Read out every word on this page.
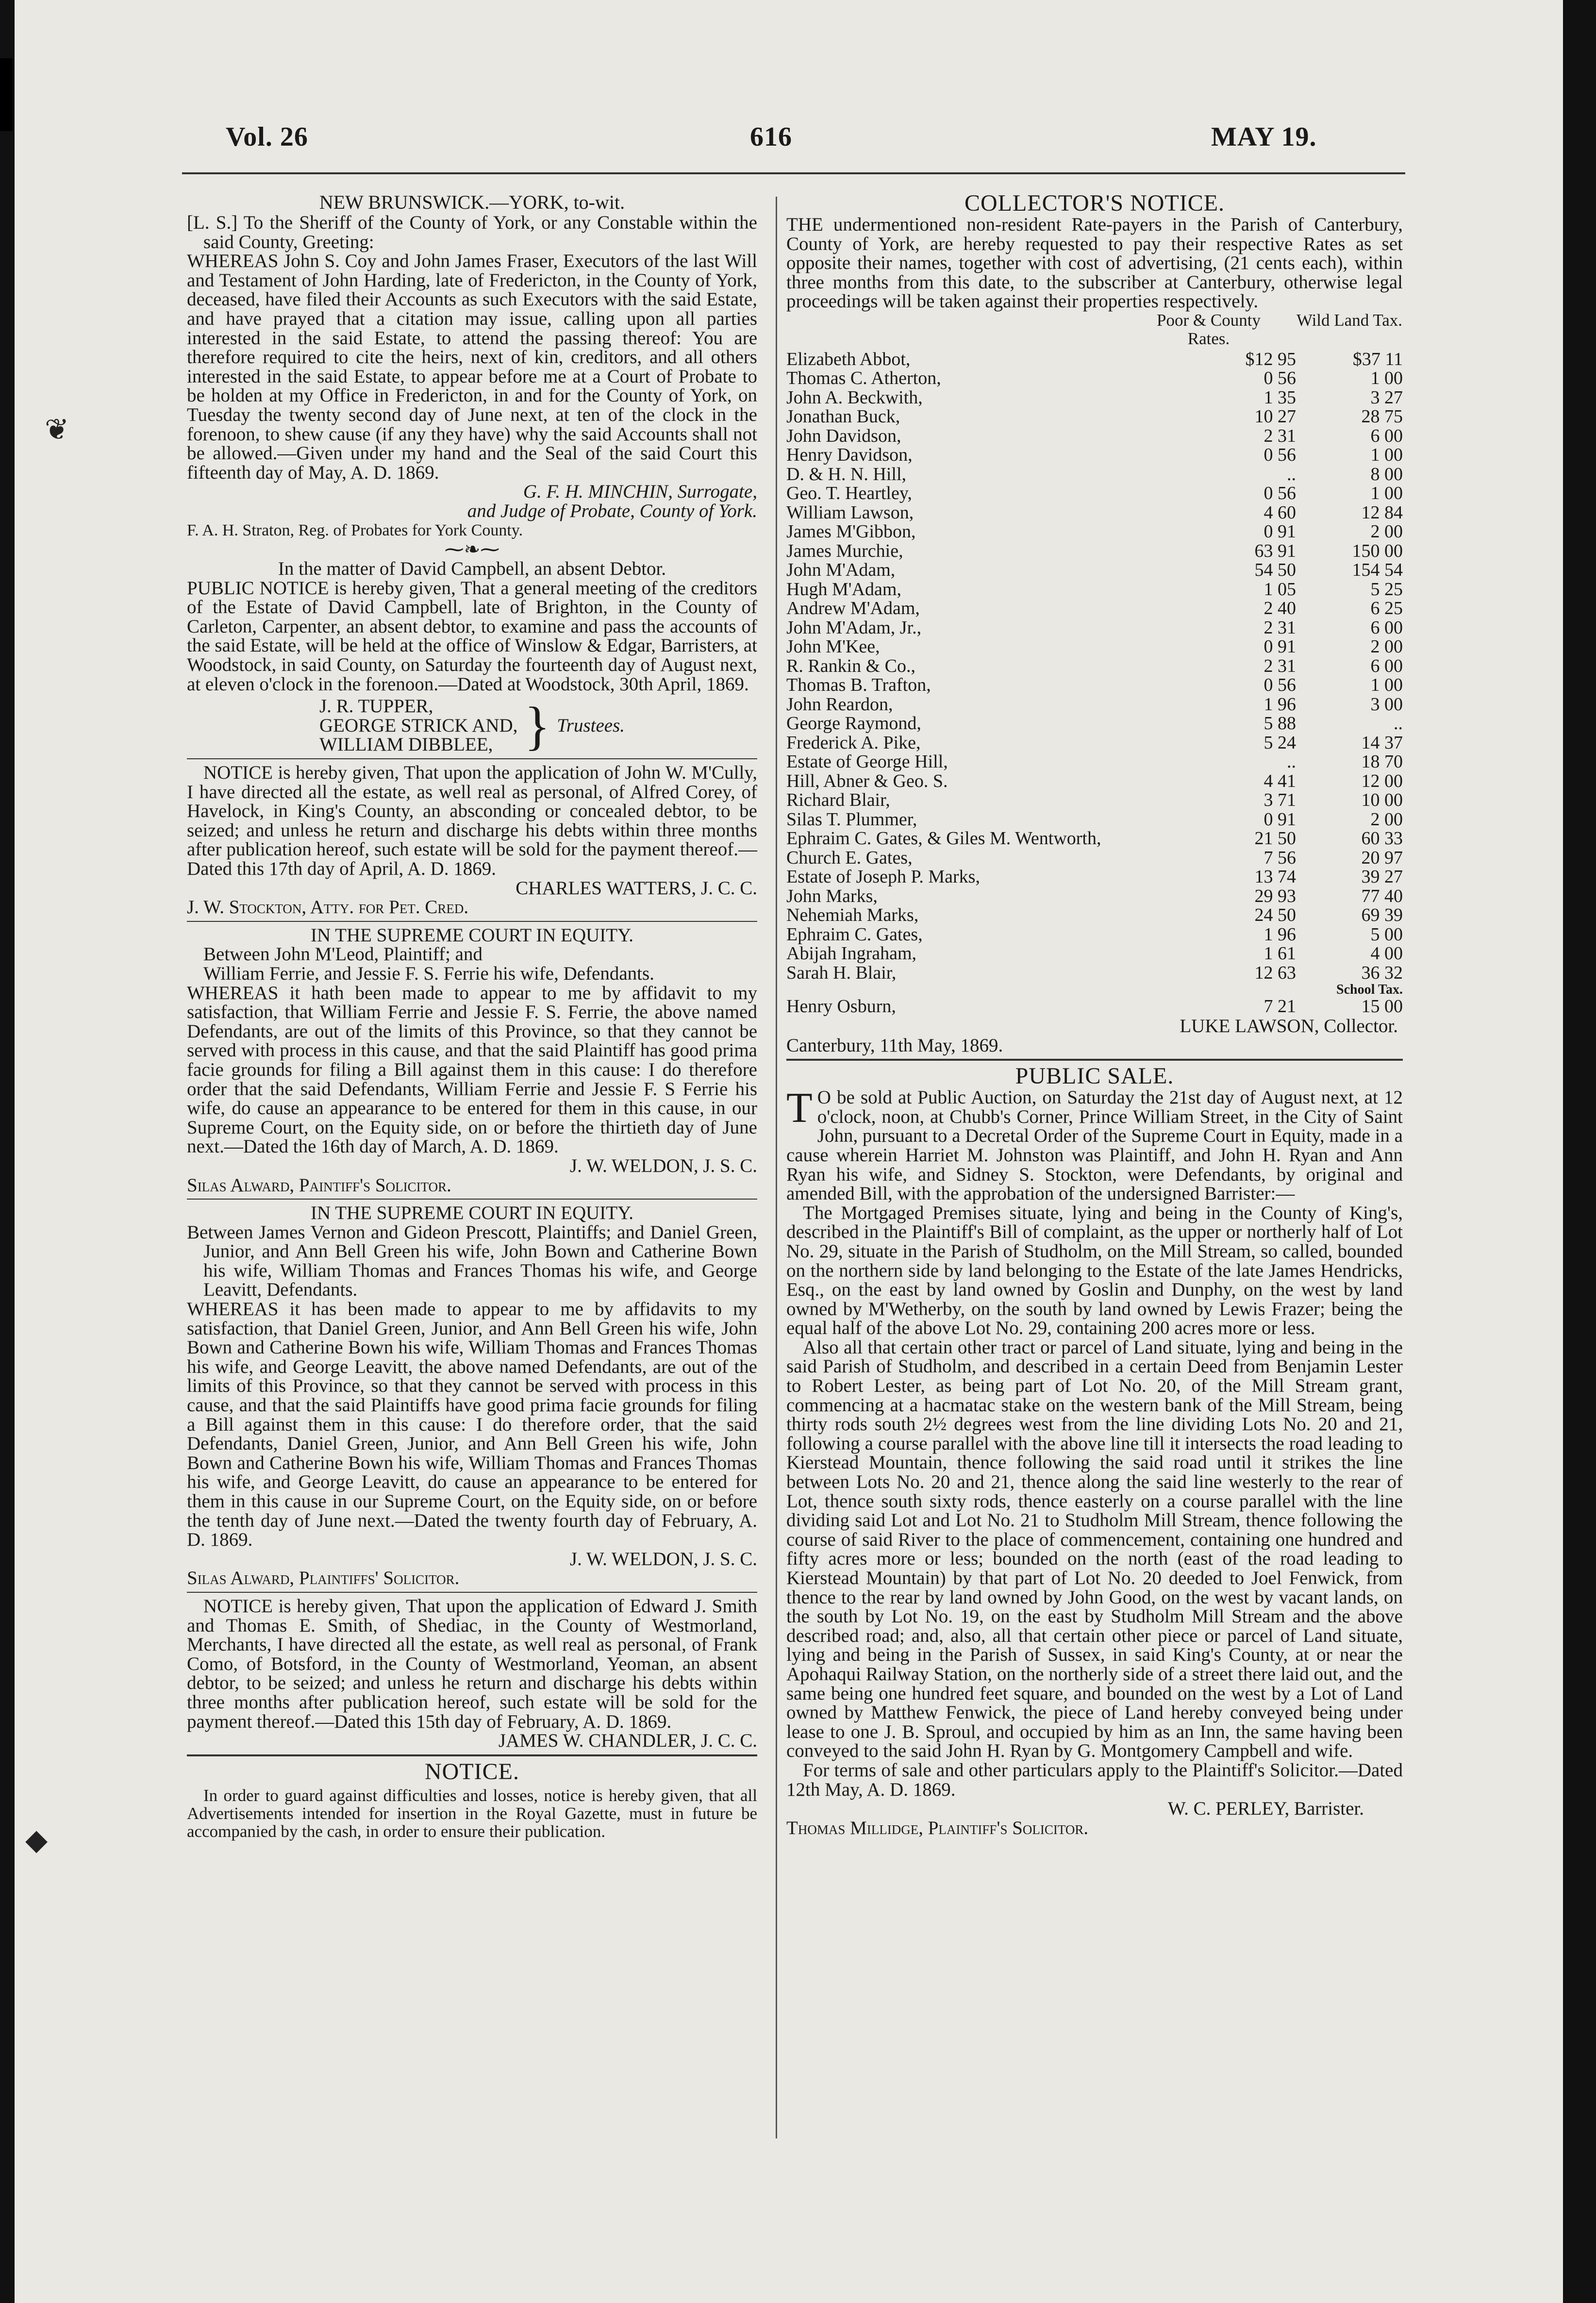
❦
◆
Vol. 26	616	MAY 19.
NEW BRUNSWICK.—YORK, to-wit.

[L. S.] To the Sheriff of the County of York, or any Constable within the said County, Greeting:

WHEREAS John S. Coy and John James Fraser, Executors of the last Will and Testament of John Harding, late of Fredericton, in the County of York, deceased, have filed their Accounts as such Executors with the said Estate, and have prayed that a citation may issue, calling upon all parties interested in the said Estate, to attend the passing thereof: You are therefore required to cite the heirs, next of kin, creditors, and all others interested in the said Estate, to appear before me at a Court of Probate to be holden at my Office in Fredericton, in and for the County of York, on Tuesday the twenty second day of June next, at ten of the clock in the forenoon, to shew cause (if any they have) why the said Accounts shall not be allowed.—Given under my hand and the Seal of the said Court this fifteenth day of May, A. D. 1869.

G. F. H. MINCHIN, Surrogate,

and Judge of Probate, County of York.

F. A. H. Straton, Reg. of Probates for York County.

⁓❧⁓

In the matter of David Campbell, an absent Debtor.

PUBLIC NOTICE is hereby given, That a general meeting of the creditors of the Estate of David Campbell, late of Brighton, in the County of Carleton, Carpenter, an absent debtor, to examine and pass the accounts of the said Estate, will be held at the office of Winslow & Edgar, Barristers, at Woodstock, in said County, on Saturday the fourteenth day of August next, at eleven o'clock in the forenoon.—Dated at Woodstock, 30th April, 1869.

J. R. TUPPER,
GEORGE STRICK AND,
WILLIAM DIBBLEE, } Trustees.

NOTICE is hereby given, That upon the application of John W. M'Cully, I have directed all the estate, as well real as personal, of Alfred Corey, of Havelock, in King's County, an absconding or concealed debtor, to be seized; and unless he return and discharge his debts within three months after publication hereof, such estate will be sold for the payment thereof.—Dated this 17th day of April, A. D. 1869.

CHARLES WATTERS, J. C. C.

J. W. Stockton, Atty. for Pet. Cred.

IN THE SUPREME COURT IN EQUITY.

Between John M'Leod, Plaintiff; and

William Ferrie, and Jessie F. S. Ferrie his wife, Defendants.

WHEREAS it hath been made to appear to me by affidavit to my satisfaction, that William Ferrie and Jessie F. S. Ferrie, the above named Defendants, are out of the limits of this Province, so that they cannot be served with process in this cause, and that the said Plaintiff has good prima facie grounds for filing a Bill against them in this cause: I do therefore order that the said Defendants, William Ferrie and Jessie F. S Ferrie his wife, do cause an appearance to be entered for them in this cause, in our Supreme Court, on the Equity side, on or before the thirtieth day of June next.—Dated the 16th day of March, A. D. 1869.

J. W. WELDON, J. S. C.

Silas Alward, Paintiff's Solicitor.

IN THE SUPREME COURT IN EQUITY.

Between James Vernon and Gideon Prescott, Plaintiffs; and Daniel Green, Junior, and Ann Bell Green his wife, John Bown and Catherine Bown his wife, William Thomas and Frances Thomas his wife, and George Leavitt, Defendants.

WHEREAS it has been made to appear to me by affidavits to my satisfaction, that Daniel Green, Junior, and Ann Bell Green his wife, John Bown and Catherine Bown his wife, William Thomas and Frances Thomas his wife, and George Leavitt, the above named Defendants, are out of the limits of this Province, so that they cannot be served with process in this cause, and that the said Plaintiffs have good prima facie grounds for filing a Bill against them in this cause: I do therefore order, that the said Defendants, Daniel Green, Junior, and Ann Bell Green his wife, John Bown and Catherine Bown his wife, William Thomas and Frances Thomas his wife, and George Leavitt, do cause an appearance to be entered for them in this cause in our Supreme Court, on the Equity side, on or before the tenth day of June next.—Dated the twenty fourth day of February, A. D. 1869.

J. W. WELDON, J. S. C.

Silas Alward, Plaintiffs' Solicitor.

NOTICE is hereby given, That upon the application of Edward J. Smith and Thomas E. Smith, of Shediac, in the County of Westmorland, Merchants, I have directed all the estate, as well real as personal, of Frank Como, of Botsford, in the County of Westmorland, Yeoman, an absent debtor, to be seized; and unless he return and discharge his debts within three months after publication hereof, such estate will be sold for the payment thereof.—Dated this 15th day of February, A. D. 1869.

JAMES W. CHANDLER, J. C. C.

NOTICE.

In order to guard against difficulties and losses, notice is hereby given, that all Advertisements intended for insertion in the Royal Gazette, must in future be accompanied by the cash, in order to ensure their publication.

COLLECTOR'S NOTICE.

THE undermentioned non-resident Rate-payers in the Parish of Canterbury, County of York, are hereby requested to pay their respective Rates as set opposite their names, together with cost of advertising, (21 cents each), within three months from this date, to the subscriber at Canterbury, otherwise legal proceedings will be taken against their properties respectively.

	Poor & County Rates.
Wild Land Tax.	

Elizabeth Abbot,	$12 95	$37 11
Thomas C. Atherton,	0 56	1 00
John A. Beckwith,	1 35	3 27
Jonathan Buck,	10 27	28 75
John Davidson,	2 31	6 00
Henry Davidson,	0 56	1 00
D. & H. N. Hill,	..	8 00
Geo. T. Heartley,	0 56	1 00
William Lawson,	4 60	12 84
James M'Gibbon,	0 91	2 00
James Murchie,	63 91	150 00
John M'Adam,	54 50	154 54
Hugh M'Adam,	1 05	5 25
Andrew M'Adam,	2 40	6 25
John M'Adam, Jr.,	2 31	6 00
John M'Kee,	0 91	2 00
R. Rankin & Co.,	2 31	6 00
Thomas B. Trafton,	0 56	1 00
John Reardon,	1 96	3 00
George Raymond,	5 88	..
Frederick A. Pike,	5 24	14 37
Estate of George Hill,	..	18 70
Hill, Abner & Geo. S.	4 41	12 00
Richard Blair,	3 71	10 00
Silas T. Plummer,	0 91	2 00
Ephraim C. Gates, & Giles M. Wentworth,	21 50	60 33
Church E. Gates,	7 56	20 97
Estate of Joseph P. Marks,	13 74	39 27
John Marks,	29 93	77 40
Nehemiah Marks,	24 50	69 39
Ephraim C. Gates,	1 96	5 00
Abijah Ingraham,	1 61	4 00
Sarah H. Blair,	12 63	36 32
		School Tax.
Henry Osburn,	7 21	15 00

LUKE LAWSON, Collector.

Canterbury, 11th May, 1869.

PUBLIC SALE.

T O be sold at Public Auction, on Saturday the 21st day of August next, at 12 o'clock, noon, at Chubb's Corner, Prince William Street, in the City of Saint John, pursuant to a Decretal Order of the Supreme Court in Equity, made in a cause wherein Harriet M. Johnston was Plaintiff, and John H. Ryan and Ann Ryan his wife, and Sidney S. Stockton, were Defendants, by original and amended Bill, with the approbation of the undersigned Barrister:—

The Mortgaged Premises situate, lying and being in the County of King's, described in the Plaintiff's Bill of complaint, as the upper or northerly half of Lot No. 29, situate in the Parish of Studholm, on the Mill Stream, so called, bounded on the northern side by land belonging to the Estate of the late James Hendricks, Esq., on the east by land owned by Goslin and Dunphy, on the west by land owned by M'Wetherby, on the south by land owned by Lewis Frazer; being the equal half of the above Lot No. 29, containing 200 acres more or less.

Also all that certain other tract or parcel of Land situate, lying and being in the said Parish of Studholm, and described in a certain Deed from Benjamin Lester to Robert Lester, as being part of Lot No. 20, of the Mill Stream grant, commencing at a hacmatac stake on the western bank of the Mill Stream, being thirty rods south 2½ degrees west from the line dividing Lots No. 20 and 21, following a course parallel with the above line till it intersects the road leading to Kierstead Mountain, thence following the said road until it strikes the line between Lots No. 20 and 21, thence along the said line westerly to the rear of Lot, thence south sixty rods, thence easterly on a course parallel with the line dividing said Lot and Lot No. 21 to Studholm Mill Stream, thence following the course of said River to the place of commencement, containing one hundred and fifty acres more or less; bounded on the north (east of the road leading to Kierstead Mountain) by that part of Lot No. 20 deeded to Joel Fenwick, from thence to the rear by land owned by John Good, on the west by vacant lands, on the south by Lot No. 19, on the east by Studholm Mill Stream and the above described road; and, also, all that certain other piece or parcel of Land situate, lying and being in the Parish of Sussex, in said King's County, at or near the Apohaqui Railway Station, on the northerly side of a street there laid out, and the same being one hundred feet square, and bounded on the west by a Lot of Land owned by Matthew Fenwick, the piece of Land hereby conveyed being under lease to one J. B. Sproul, and occupied by him as an Inn, the same having been conveyed to the said John H. Ryan by G. Montgomery Campbell and wife.

For terms of sale and other particulars apply to the Plaintiff's Solicitor.—Dated 12th May, A. D. 1869.

W. C. PERLEY, Barrister.

Thomas Millidge, Plaintiff's Solicitor.
